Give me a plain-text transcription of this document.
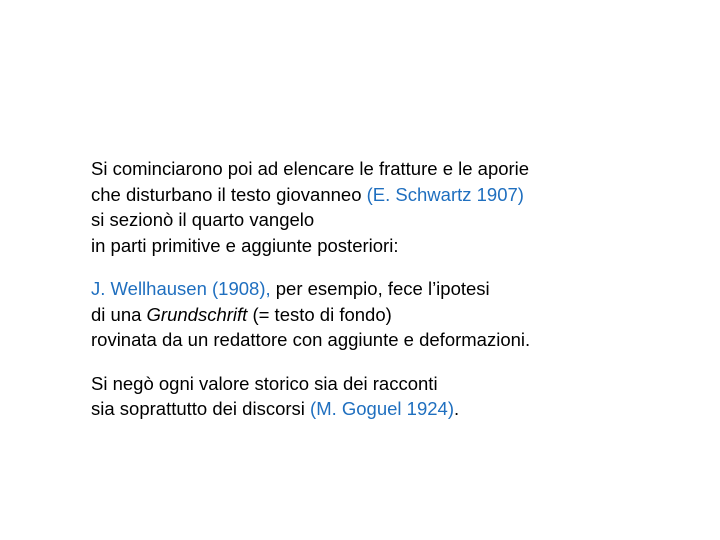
Si cominciarono poi ad elencare le fratture e le aporie
che disturbano il testo giovanneo (E. Schwartz 1907)
si sezionò il quarto vangelo
in parti primitive e aggiunte posteriori:

J. Wellhausen (1908), per esempio, fece l’ipotesi
di una Grundschrift (= testo di fondo)
rovinata da un redattore con aggiunte e deformazioni.

Si negò ogni valore storico sia dei racconti
sia soprattutto dei discorsi (M. Goguel 1924).
